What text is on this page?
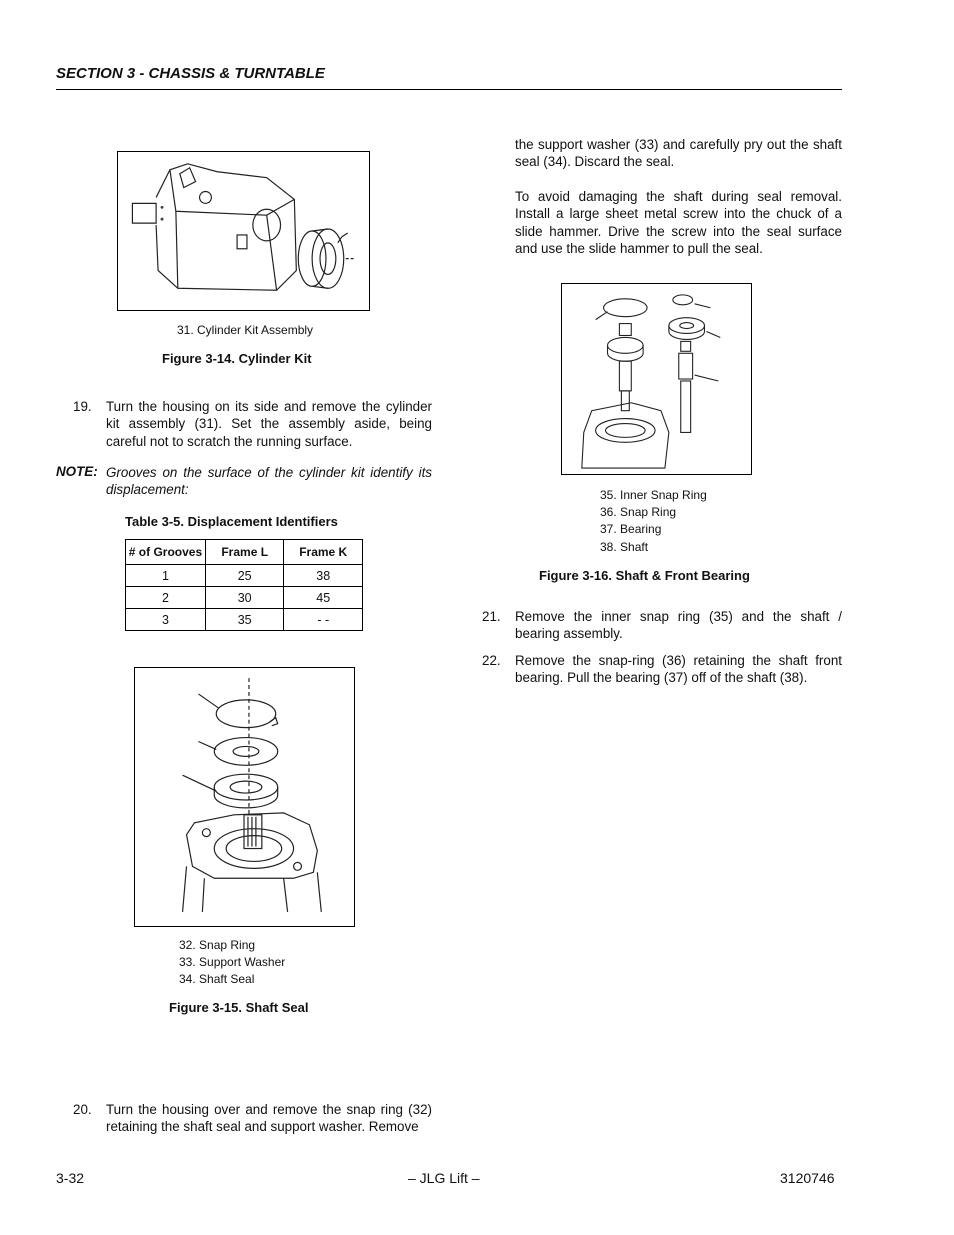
SECTION 3 - CHASSIS & TURNTABLE
31. Cylinder Kit Assembly
Figure 3-14. Cylinder Kit
19. Turn the housing on its side and remove the cylinder kit assembly (31). Set the assembly aside, being careful not to scratch the running surface.
NOTE: Grooves on the surface of the cylinder kit identify its displacement:
Table 3-5. Displacement Identifiers
# of Grooves	Frame L	Frame K
1	25	38
2	30	45
3	35	- -
32. Snap Ring
33. Support Washer
34. Shaft Seal
Figure 3-15. Shaft Seal
20. Turn the housing over and remove the snap ring (32) retaining the shaft seal and support washer. Remove
the support washer (33) and carefully pry out the shaft seal (34). Discard the seal.
To avoid damaging the shaft during seal removal. Install a large sheet metal screw into the chuck of a slide hammer. Drive the screw into the seal surface and use the slide hammer to pull the seal.
35. Inner Snap Ring
36. Snap Ring
37. Bearing
38. Shaft
Figure 3-16. Shaft & Front Bearing
21. Remove the inner snap ring (35) and the shaft / bearing assembly.
22. Remove the snap-ring (36) retaining the shaft front bearing. Pull the bearing (37) off of the shaft (38).
3-32	– JLG Lift –	3120746
